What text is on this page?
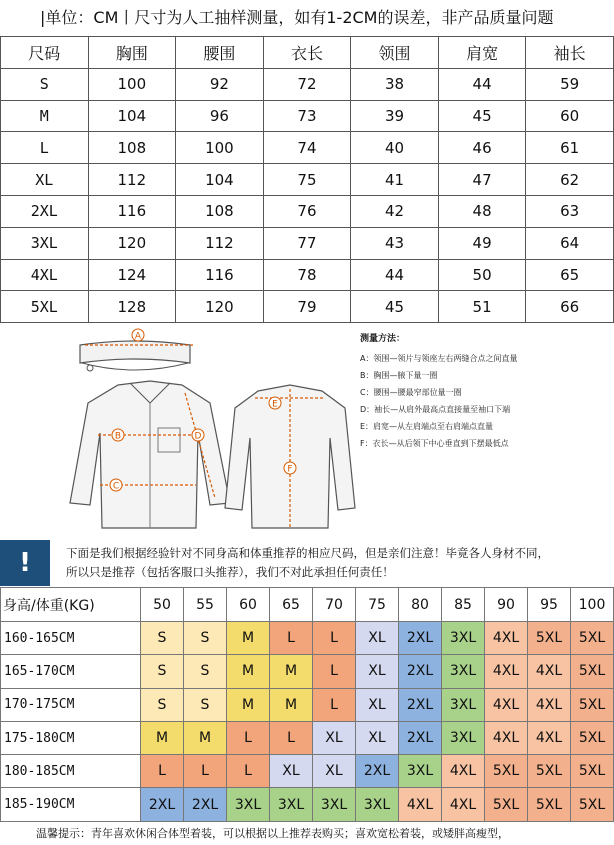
|单位：CM丨尺寸为人工抽样测量，如有1-2CM的误差，非产品质量问题
尺码	胸围	腰围	衣长	领围	肩宽	袖长
S	100	92	72	38	44	59
M	104	96	73	39	45	60
L	108	100	74	40	46	61
XL	112	104	75	41	47	62
2XL	116	108	76	42	48	63
3XL	120	112	77	43	49	64
4XL	124	116	78	44	50	65
5XL	128	120	79	45	51	66
A
B
C
D
E
F
测量方法：
A：领围—领片与领座左右两缝合点之间直量
B：胸围—腋下量一圈
C：腰围—腰最窄部位量一圈
D：袖长—从肩外最高点直接量至袖口下端
E：肩宽—从左肩端点至右肩端点直量
F：衣长—从后领下中心垂直到下摆最低点
!	下面是我们根据经验针对不同身高和体重推荐的相应尺码，但是亲们注意！毕竟各人身材不同，
所以只是推荐（包括客服口头推荐），我们不对此承担任何责任！
身高/体重(KG)	50	55	60	65	70	75	80	85	90	95	100
160-165CM	S	S	M	L	L	XL	2XL	3XL	4XL	5XL	5XL
165-170CM	S	S	M	M	L	XL	2XL	3XL	4XL	4XL	5XL
170-175CM	S	S	M	M	L	XL	2XL	3XL	4XL	4XL	5XL
175-180CM	M	M	L	L	XL	XL	2XL	3XL	4XL	4XL	5XL
180-185CM	L	L	L	XL	XL	2XL	3XL	4XL	5XL	5XL	5XL
185-190CM	2XL	2XL	3XL	3XL	3XL	3XL	4XL	4XL	5XL	5XL	5XL
温馨提示：青年喜欢休闲合体型着装，可以根据以上推荐表购买；喜欢宽松着装，或矮胖高瘦型，
